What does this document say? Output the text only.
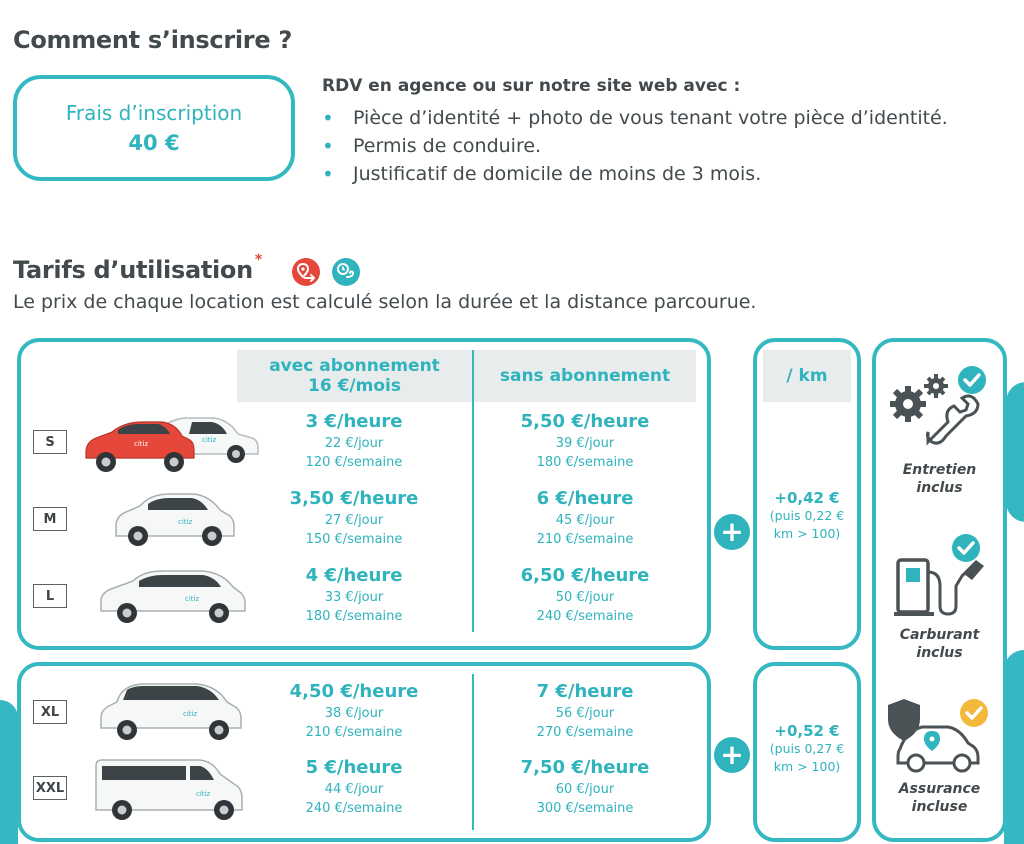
Comment s’inscrire ?
Frais d’inscription
40 €
RDV en agence ou sur notre site web avec :
• Pièce d’identité + photo de vous tenant votre pièce d’identité.
• Permis de conduire.
• Justificatif de domicile de moins de 3 mois.
Tarifs d’utilisation *
Le prix de chaque location est calculé selon la durée et la distance parcourue.
avec abonnement
16 €/mois	sans abonnement	/ km
S
M
L
XL
XXL
citiz
citiz
citiz
citiz
citiz
citiz
3 €/heure
22 €/jour
120 €/semaine
5,50 €/heure
39 €/jour
180 €/semaine
3,50 €/heure
27 €/jour
150 €/semaine
6 €/heure
45 €/jour
210 €/semaine
4 €/heure
33 €/jour
180 €/semaine
6,50 €/heure
50 €/jour
240 €/semaine
4,50 €/heure
38 €/jour
210 €/semaine
7 €/heure
56 €/jour
270 €/semaine
5 €/heure
44 €/jour
240 €/semaine
7,50 €/heure
60 €/jour
300 €/semaine
+
+
+0,42 €
(puis 0,22 €
km > 100)
+0,52 €
(puis 0,27 €
km > 100)
Entretien
inclus
Carburant
inclus
Assurance
incluse
